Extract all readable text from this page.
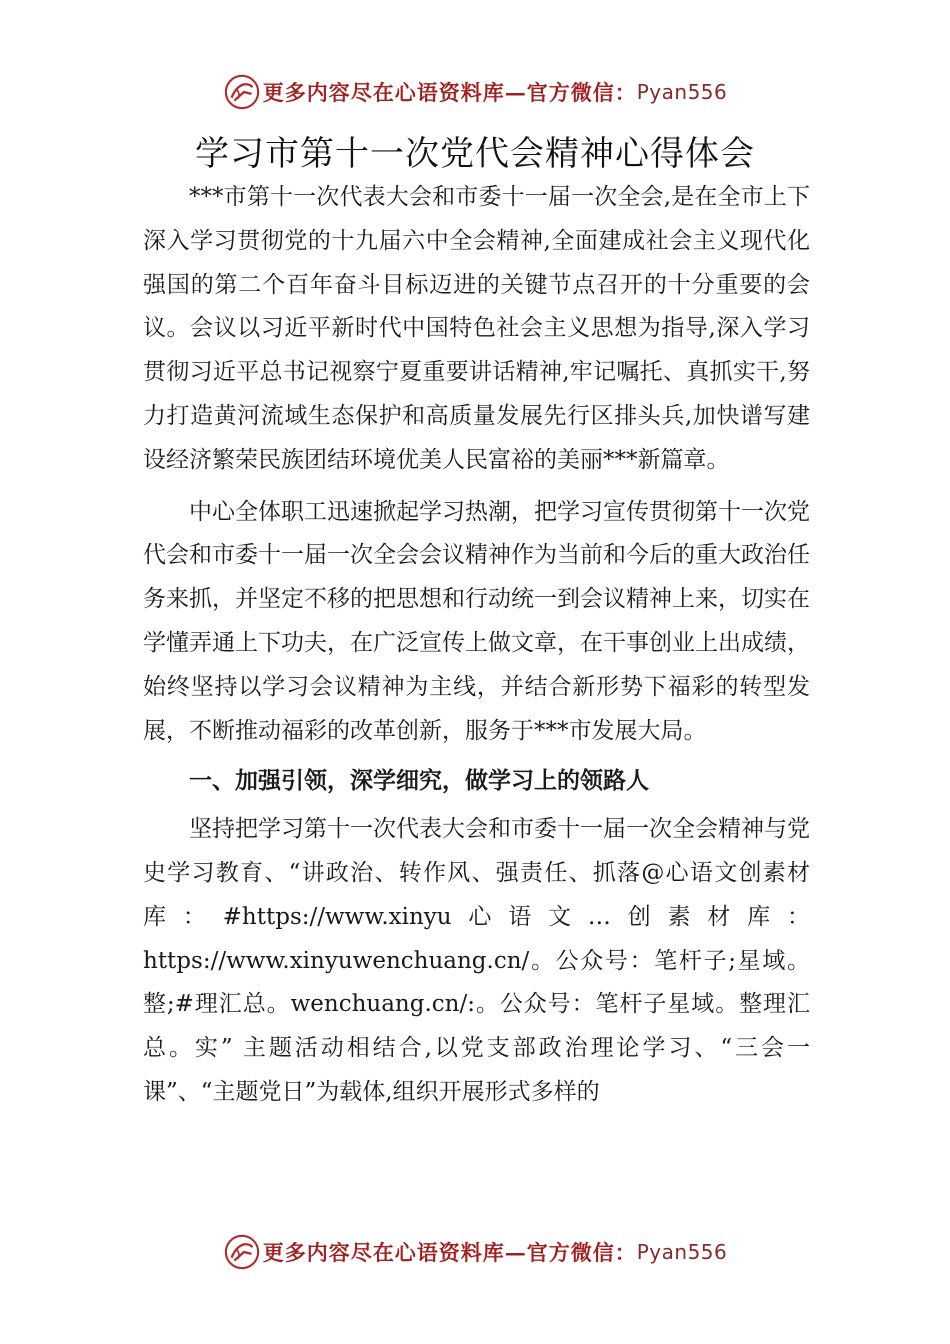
更多内容尽在心语资料库—官方微信： Pyan556
学习市第十一次党代会精神心得体会

***市第十一次代表大会和市委十一届一次全会,是在全市上下深入学习贯彻党的十九届六中全会精神,全面建成社会主义现代化强国的第二个百年奋斗目标迈进的关键节点召开的十分重要的会议。会议以习近平新时代中国特色社会主义思想为指导,深入学习贯彻习近平总书记视察宁夏重要讲话精神,牢记嘱托、真抓实干,努力打造黄河流域生态保护和高质量发展先行区排头兵,加快谱写建设经济繁荣民族团结环境优美人民富裕的美丽***新篇章。

中心全体职工迅速掀起学习热潮，把学习宣传贯彻第十一次党代会和市委十一届一次全会会议精神作为当前和今后的重大政治任务来抓，并坚定不移的把思想和行动统一到会议精神上来，切实在学懂弄通上下功夫，在广泛宣传上做文章，在干事创业上出成绩，始终坚持以学习会议精神为主线，并结合新形势下福彩的转型发展，不断推动福彩的改革创新，服务于***市发展大局。

一、加强引领，深学细究，做学习上的领路人

坚持把学习第十一次代表大会和市委十一届一次全会精神与党史学习教育、“讲政治、转作风、强责任、抓落@心语文创素材库：#https://www.xinyu心语文…创素材库：https://www.xinyuwenchuang.cn/。公众号：笔杆子;星域。整;#理汇总。wenchuang.cn/:。公众号：笔杆子星域。整理汇总。实” 主题活动相结合,以党支部政治理论学习、“三会一课”、“主题党日”为载体,组织开展形式多样的

更多内容尽在心语资料库—官方微信： Pyan556
